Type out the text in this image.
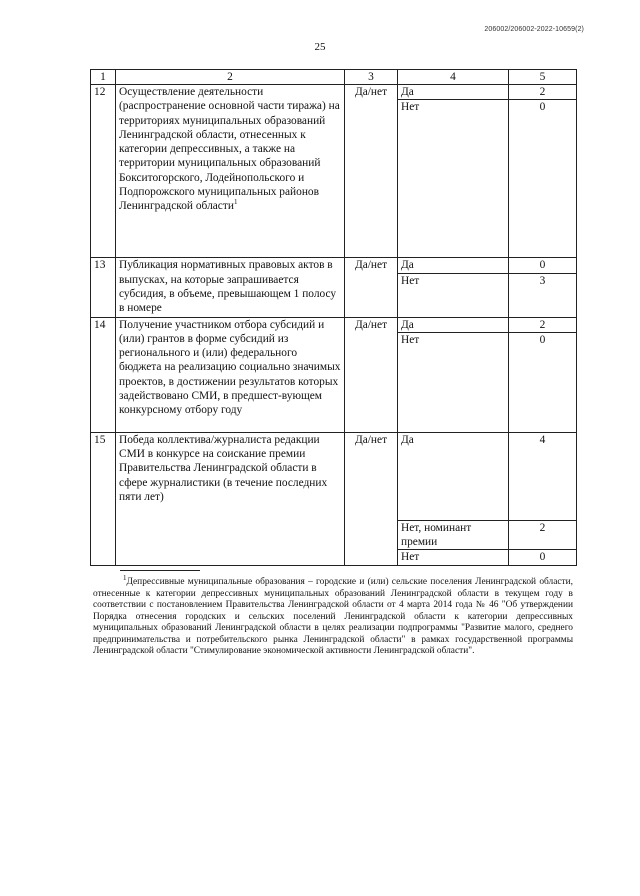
206002/206002-2022-10659(2)
25
1	2	3	4	5
12	Осуществление деятельности (распространение основной части тиража) на территориях муниципальных образований Ленинградской области, отнесенных к категории депрессивных, а также на территории муниципальных образований Бокситогорского, Лодейнопольского и Подпорожского муниципальных районов Ленинградской области$^1$	Да/нет	Да	2
			Нет	0
13	Публикация нормативных правовых актов в выпусках, на которые запрашивается субсидия, в объеме, превышающем 1 полосу в номере	Да/нет	Да	0
			Нет	3
14	Получение участником отбора субсидий и (или) грантов в форме субсидий из регионального и (или) федерального бюджета на реализацию социально значимых проектов, в достижении результатов которых задействовано СМИ, в предшест-вующем конкурсному отбору году	Да/нет	Да	2
			Нет	0
15	Победа коллектива/журналиста редакции СМИ в конкурсе на соискание премии Правительства Ленинградской области в сфере журналистики (в течение последних пяти лет)	Да/нет	Да	4
			Нет, номинант премии	2
			Нет	0
$^1$Депрессивные муниципальные образования – городские и (или) сельские поселения Ленинградской области, отнесенные к категории депрессивных муниципальных образований Ленинградской области в текущем году в соответствии с постановлением Правительства Ленинградской области от 4 марта 2014 года № 46 "Об утверждении Порядка отнесения городских и сельских поселений Ленинградской области к категории депрессивных муниципальных образований Ленинградской области в целях реализации подпрограммы "Развитие малого, среднего предпринимательства и потребительского рынка Ленинградской области" в рамках государственной программы Ленинградской области "Стимулирование экономической активности Ленинградской области".
